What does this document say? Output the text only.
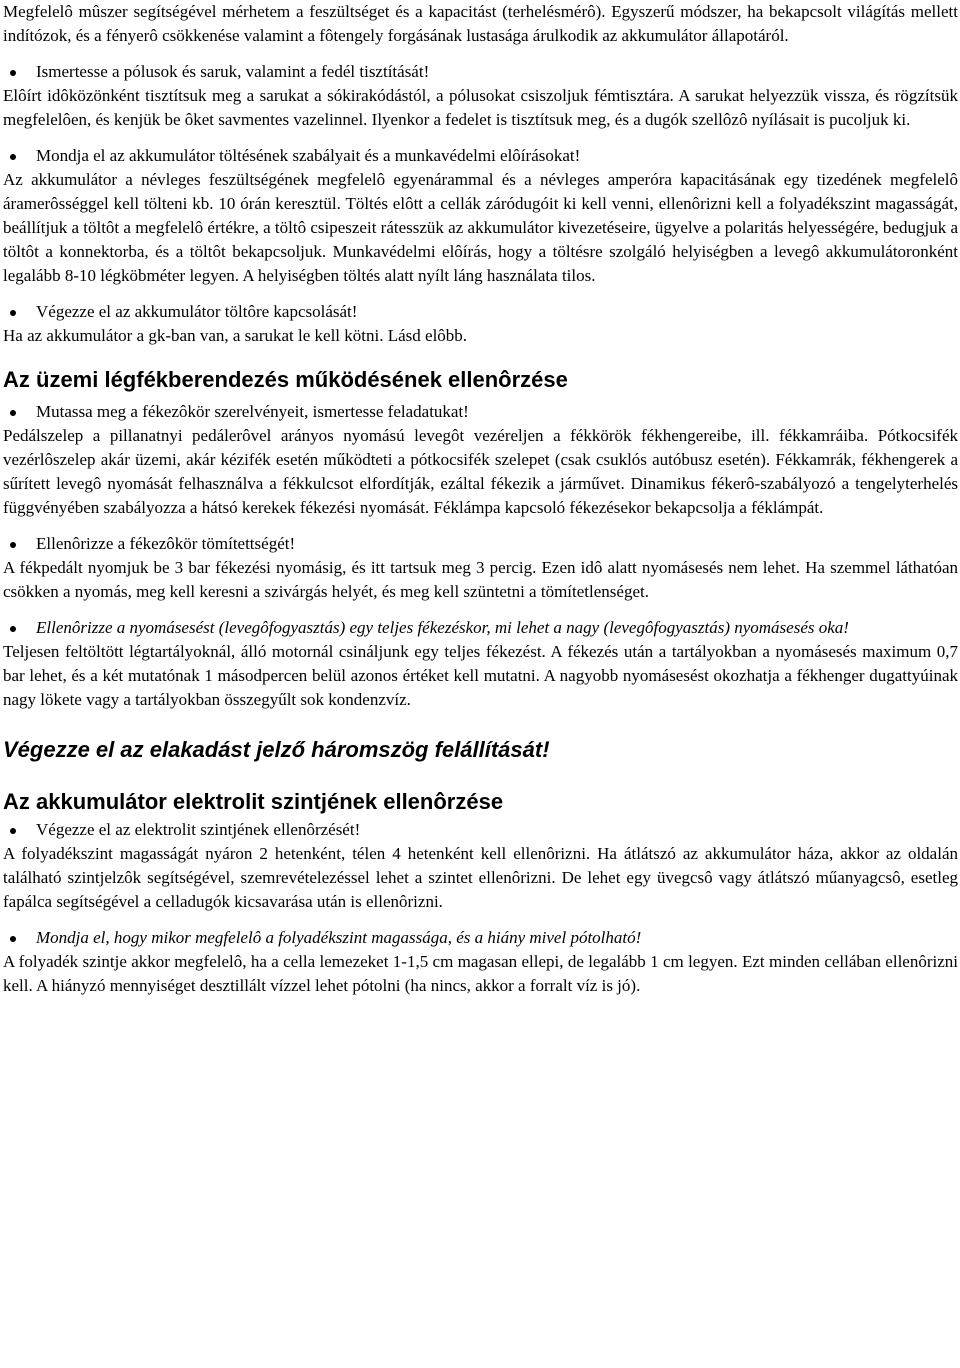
Megfelelô mûszer segítségével mérhetem a feszültséget és a kapacitást (terhelésmérô). Egyszerű módszer, ha bekapcsolt világítás mellett indítózok, és a fényerô csökkenése valamint a fôtengely forgásának lustasága árulkodik az akkumulátor állapotáról.

Ismertesse a pólusok és saruk, valamint a fedél tisztítását!

Elôírt idôközönként tisztítsuk meg a sarukat a sókirakódástól, a pólusokat csiszoljuk fémtisztára. A sarukat helyezzük vissza, és rögzítsük megfelelôen, és kenjük be ôket savmentes vazelinnel. Ilyenkor a fedelet is tisztítsuk meg, és a dugók szellôzô nyílásait is pucoljuk ki.

Mondja el az akkumulátor töltésének szabályait és a munkavédelmi elôírásokat!

Az akkumulátor a névleges feszültségének megfelelô egyenárammal és a névleges amperóra kapacitásának egy tizedének megfelelô áramerôsséggel kell tölteni kb. 10 órán keresztül. Töltés elôtt a cellák záródugóit ki kell venni, ellenôrizni kell a folyadékszint magasságát, beállítjuk a töltôt a megfelelô értékre, a töltô csipeszeit rátesszük az akkumulátor kivezetéseire, ügyelve a polaritás helyességére, bedugjuk a töltôt a konnektorba, és a töltôt bekapcsoljuk. Munkavédelmi elôírás, hogy a töltésre szolgáló helyiségben a levegô akkumulátoronként legalább 8-10 légköbméter legyen. A helyiségben töltés alatt nyílt láng használata tilos.

Végezze el az akkumulátor töltôre kapcsolását!

Ha az akkumulátor a gk-ban van, a sarukat le kell kötni. Lásd elôbb.

Az üzemi légfékberendezés működésének ellenôrzése

Mutassa meg a fékezôkör szerelvényeit, ismertesse feladatukat!

Pedálszelep a pillanatnyi pedálerôvel arányos nyomású levegôt vezéreljen a fékkörök fékhengereibe, ill. fékkamráiba. Pótkocsifék vezérlôszelep akár üzemi, akár kézifék esetén működteti a pótkocsifék szelepet (csak csuklós autóbusz esetén). Fékkamrák, fékhengerek a sűrített levegô nyomását felhasználva a fékkulcsot elfordítják, ezáltal fékezik a járművet. Dinamikus fékerô-szabályozó a tengelyterhelés függvényében szabályozza a hátsó kerekek fékezési nyomását. Féklámpa kapcsoló fékezésekor bekapcsolja a féklámpát.

Ellenôrizze a fékezôkör tömítettségét!

A fékpedált nyomjuk be 3 bar fékezési nyomásig, és itt tartsuk meg 3 percig. Ezen idô alatt nyomásesés nem lehet. Ha szemmel láthatóan csökken a nyomás, meg kell keresni a szivárgás helyét, és meg kell szüntetni a tömítetlenséget.

Ellenôrizze a nyomásesést (levegôfogyasztás) egy teljes fékezéskor, mi lehet a nagy (levegôfogyasztás) nyomásesés oka!

Teljesen feltöltött légtartályoknál, álló motornál csináljunk egy teljes fékezést. A fékezés után a tartályokban a nyomásesés maximum 0,7 bar lehet, és a két mutatónak 1 másodpercen belül azonos értéket kell mutatni. A nagyobb nyomásesést okozhatja a fékhenger dugattyúinak nagy lökete vagy a tartályokban összegyűlt sok kondenzvíz.

Végezze el az elakadást jelző háromszög felállítását!
Az akkumulátor elektrolit szintjének ellenôrzése

Végezze el az elektrolit szintjének ellenôrzését!

A folyadékszint magasságát nyáron 2 hetenként, télen 4 hetenként kell ellenôrizni. Ha átlátszó az akkumulátor háza, akkor az oldalán található szintjelzôk segítségével, szemrevételezéssel lehet a szintet ellenôrizni. De lehet egy üvegcsô vagy átlátszó műanyagcsô, esetleg fapálca segítségével a celladugók kicsavarása után is ellenôrizni.

Mondja el, hogy mikor megfelelô a folyadékszint magassága, és a hiány mivel pótolható!

A folyadék szintje akkor megfelelô, ha a cella lemezeket 1-1,5 cm magasan ellepi, de legalább 1 cm legyen. Ezt minden cellában ellenôrizni kell. A hiányzó mennyiséget desztillált vízzel lehet pótolni (ha nincs, akkor a forralt víz is jó).
